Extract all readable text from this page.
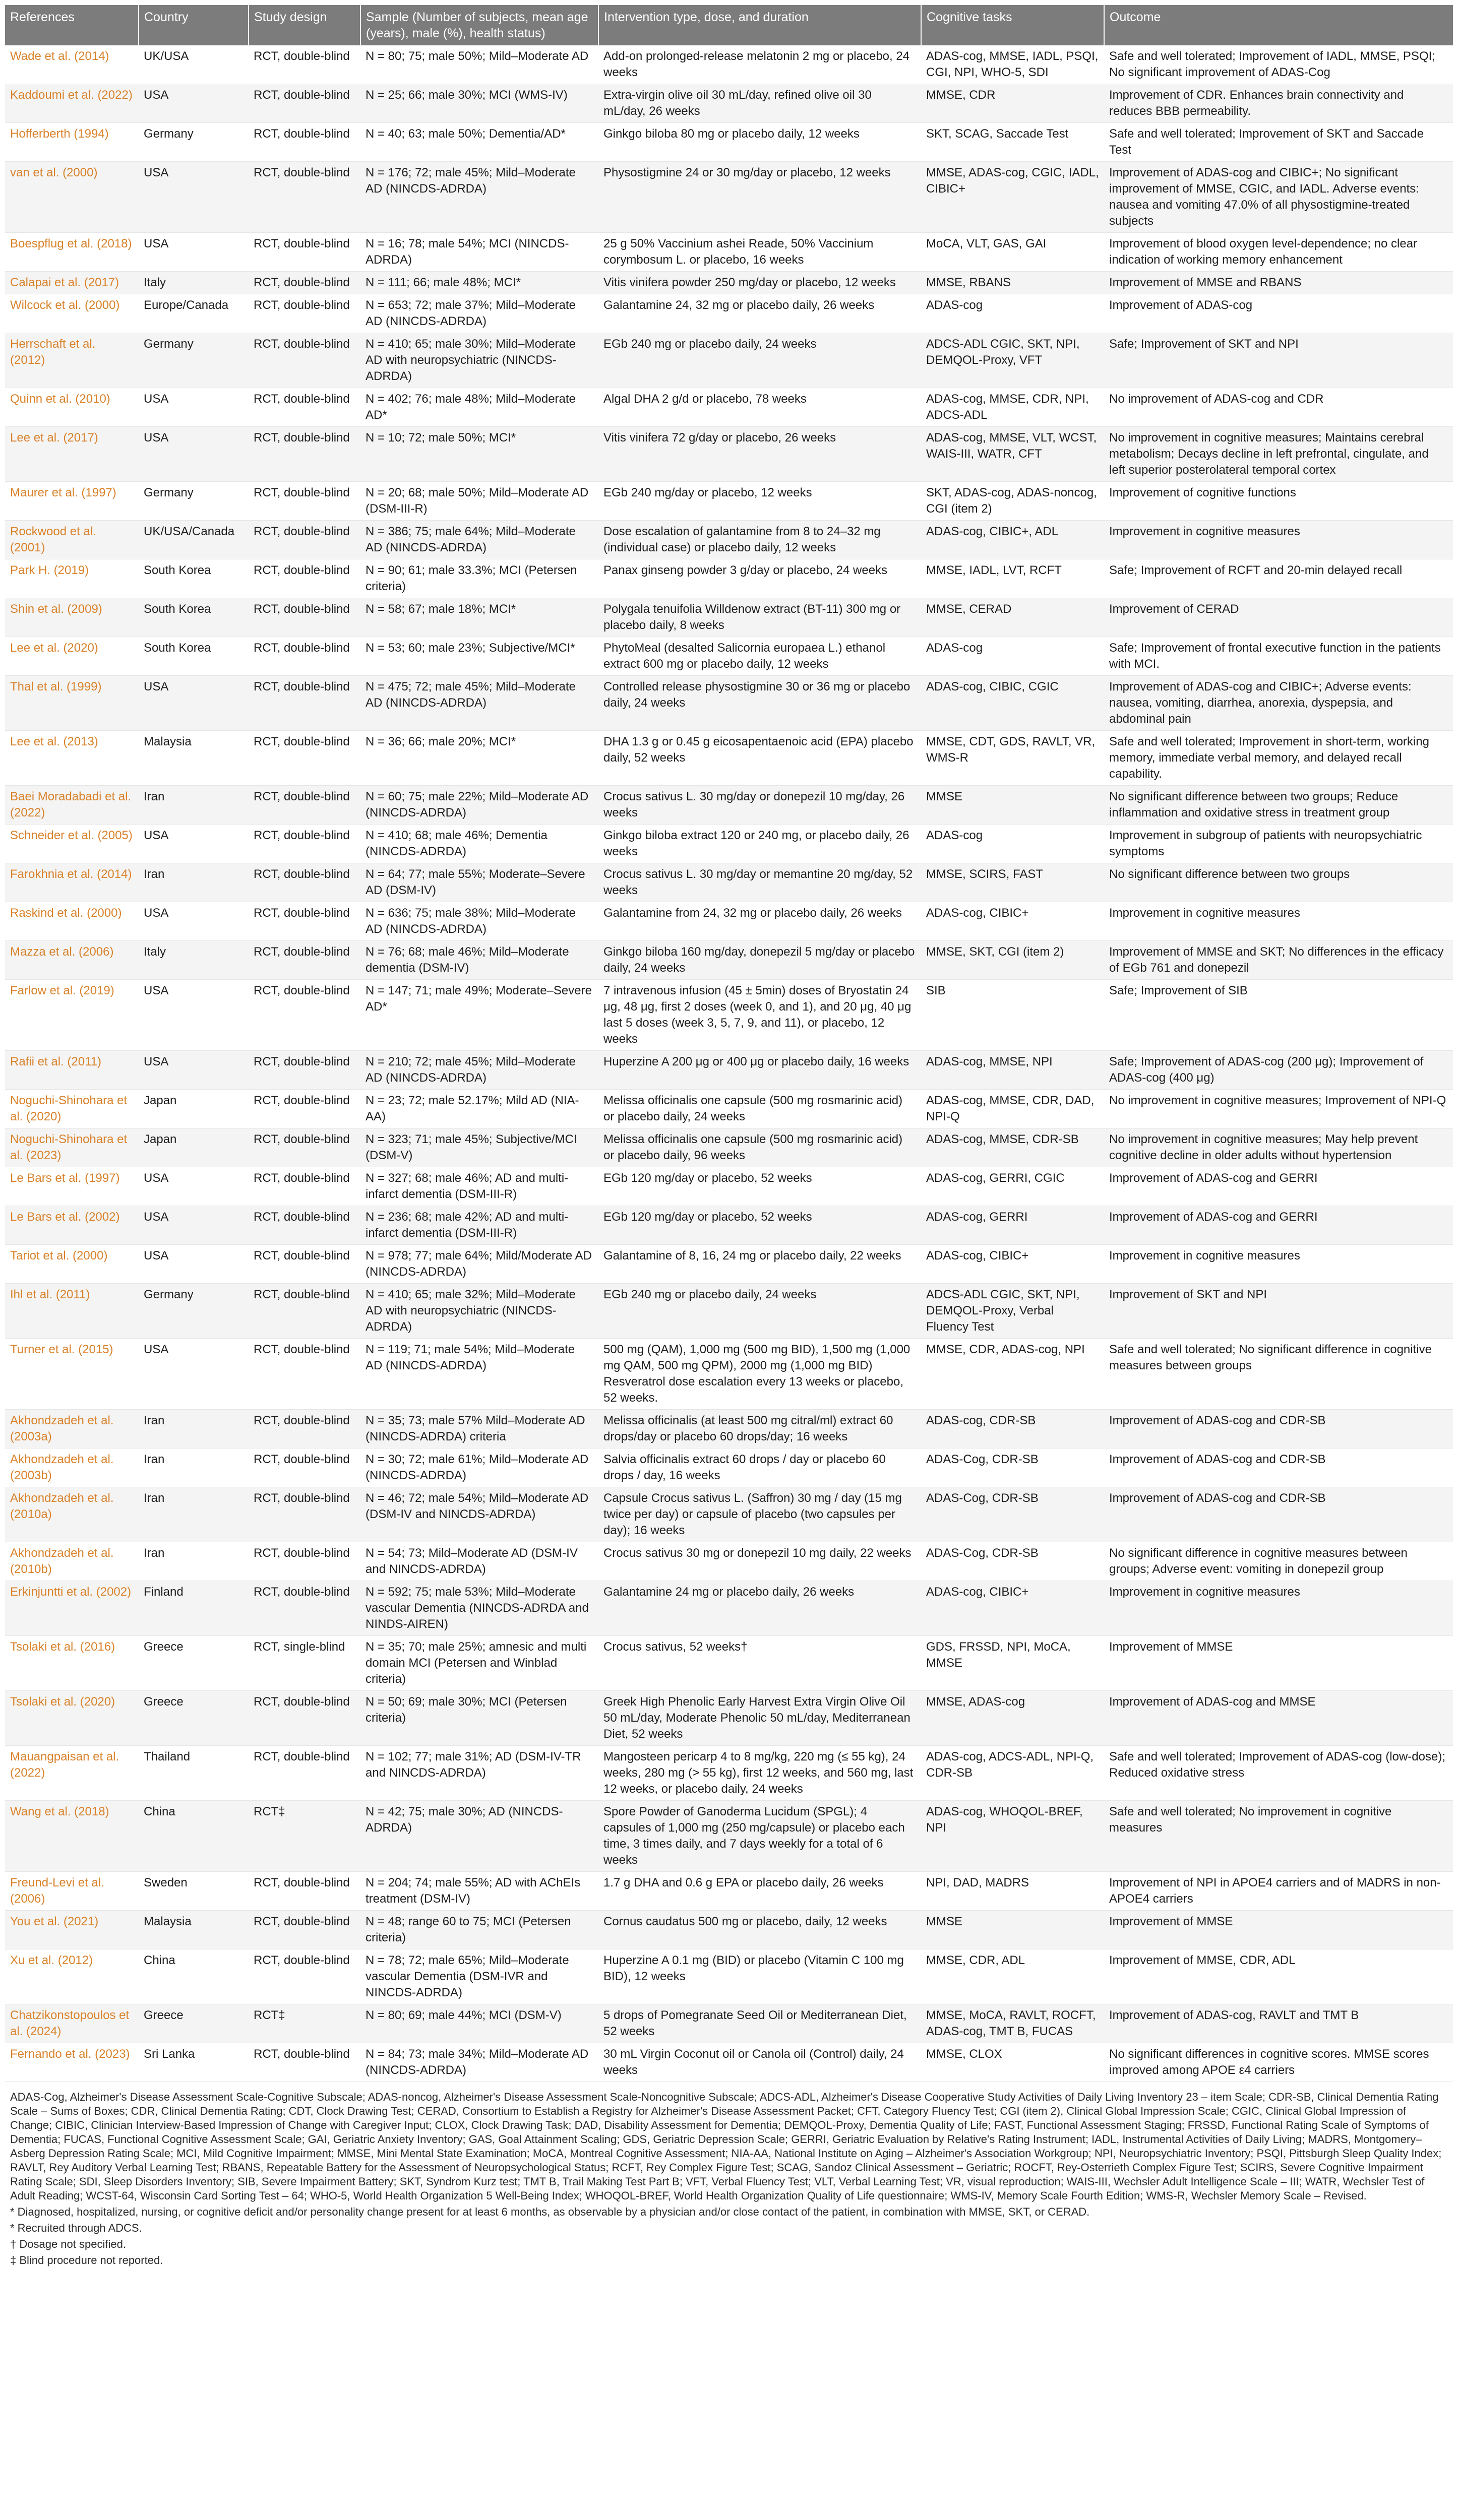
References	Country	Study design	Sample (Number of subjects, mean age (years), male (%), health status)	Intervention type, dose, and duration	Cognitive tasks	Outcome
Wade et al. (2014)	UK/USA	RCT, double-blind	N = 80; 75; male 50%; Mild–Moderate AD	Add-on prolonged-release melatonin 2 mg or placebo, 24 weeks	ADAS-cog, MMSE, IADL, PSQI, CGI, NPI, WHO-5, SDI	Safe and well tolerated; Improvement of IADL, MMSE, PSQI; No significant improvement of ADAS-Cog
Kaddoumi et al. (2022)	USA	RCT, double-blind	N = 25; 66; male 30%; MCI (WMS-IV)	Extra-virgin olive oil 30 mL/day, refined olive oil 30 mL/day, 26 weeks	MMSE, CDR	Improvement of CDR. Enhances brain connectivity and reduces BBB permeability.
Hofferberth (1994)	Germany	RCT, double-blind	N = 40; 63; male 50%; Dementia/AD*	Ginkgo biloba 80 mg or placebo daily, 12 weeks	SKT, SCAG, Saccade Test	Safe and well tolerated; Improvement of SKT and Saccade Test
van et al. (2000)	USA	RCT, double-blind	N = 176; 72; male 45%; Mild–Moderate AD (NINCDS-ADRDA)	Physostigmine 24 or 30 mg/day or placebo, 12 weeks	MMSE, ADAS-cog, CGIC, IADL, CIBIC+	Improvement of ADAS-cog and CIBIC+; No significant improvement of MMSE, CGIC, and IADL. Adverse events: nausea and vomiting 47.0% of all physostigmine-treated subjects
Boespflug et al. (2018)	USA	RCT, double-blind	N = 16; 78; male 54%; MCI (NINCDS-ADRDA)	25 g 50% Vaccinium ashei Reade, 50% Vaccinium corymbosum L. or placebo, 16 weeks	MoCA, VLT, GAS, GAI	Improvement of blood oxygen level-dependence; no clear indication of working memory enhancement
Calapai et al. (2017)	Italy	RCT, double-blind	N = 111; 66; male 48%; MCI*	Vitis vinifera powder 250 mg/day or placebo, 12 weeks	MMSE, RBANS	Improvement of MMSE and RBANS
Wilcock et al. (2000)	Europe/Canada	RCT, double-blind	N = 653; 72; male 37%; Mild–Moderate AD (NINCDS-ADRDA)	Galantamine 24, 32 mg or placebo daily, 26 weeks	ADAS-cog	Improvement of ADAS-cog
Herrschaft et al. (2012)	Germany	RCT, double-blind	N = 410; 65; male 30%; Mild–Moderate AD with neuropsychiatric (NINCDS-ADRDA)	EGb 240 mg or placebo daily, 24 weeks	ADCS-ADL CGIC, SKT, NPI, DEMQOL-Proxy, VFT	Safe; Improvement of SKT and NPI
Quinn et al. (2010)	USA	RCT, double-blind	N = 402; 76; male 48%; Mild–Moderate AD*	Algal DHA 2 g/d or placebo, 78 weeks	ADAS-cog, MMSE, CDR, NPI, ADCS-ADL	No improvement of ADAS-cog and CDR
Lee et al. (2017)	USA	RCT, double-blind	N = 10; 72; male 50%; MCI*	Vitis vinifera 72 g/day or placebo, 26 weeks	ADAS-cog, MMSE, VLT, WCST, WAIS-III, WATR, CFT	No improvement in cognitive measures; Maintains cerebral metabolism; Decays decline in left prefrontal, cingulate, and left superior posterolateral temporal cortex
Maurer et al. (1997)	Germany	RCT, double-blind	N = 20; 68; male 50%; Mild–Moderate AD (DSM-III-R)	EGb 240 mg/day or placebo, 12 weeks	SKT, ADAS-cog, ADAS-noncog, CGI (item 2)	Improvement of cognitive functions
Rockwood et al. (2001)	UK/USA/Canada	RCT, double-blind	N = 386; 75; male 64%; Mild–Moderate AD (NINCDS-ADRDA)	Dose escalation of galantamine from 8 to 24–32 mg (individual case) or placebo daily, 12 weeks	ADAS-cog, CIBIC+, ADL	Improvement in cognitive measures
Park H. (2019)	South Korea	RCT, double-blind	N = 90; 61; male 33.3%; MCI (Petersen criteria)	Panax ginseng powder 3 g/day or placebo, 24 weeks	MMSE, IADL, LVT, RCFT	Safe; Improvement of RCFT and 20-min delayed recall
Shin et al. (2009)	South Korea	RCT, double-blind	N = 58; 67; male 18%; MCI*	Polygala tenuifolia Willdenow extract (BT-11) 300 mg or placebo daily, 8 weeks	MMSE, CERAD	Improvement of CERAD
Lee et al. (2020)	South Korea	RCT, double-blind	N = 53; 60; male 23%; Subjective/MCI*	PhytoMeal (desalted Salicornia europaea L.) ethanol extract 600 mg or placebo daily, 12 weeks	ADAS-cog	Safe; Improvement of frontal executive function in the patients with MCI.
Thal et al. (1999)	USA	RCT, double-blind	N = 475; 72; male 45%; Mild–Moderate AD (NINCDS-ADRDA)	Controlled release physostigmine 30 or 36 mg or placebo daily, 24 weeks	ADAS-cog, CIBIC, CGIC	Improvement of ADAS-cog and CIBIC+; Adverse events: nausea, vomiting, diarrhea, anorexia, dyspepsia, and abdominal pain
Lee et al. (2013)	Malaysia	RCT, double-blind	N = 36; 66; male 20%; MCI*	DHA 1.3 g or 0.45 g eicosapentaenoic acid (EPA) placebo daily, 52 weeks	MMSE, CDT, GDS, RAVLT, VR, WMS-R	Safe and well tolerated; Improvement in short-term, working memory, immediate verbal memory, and delayed recall capability.
Baei Moradabadi et al. (2022)	Iran	RCT, double-blind	N = 60; 75; male 22%; Mild–Moderate AD (NINCDS-ADRDA)	Crocus sativus L. 30 mg/day or donepezil 10 mg/day, 26 weeks	MMSE	No significant difference between two groups; Reduce inflammation and oxidative stress in treatment group
Schneider et al. (2005)	USA	RCT, double-blind	N = 410; 68; male 46%; Dementia (NINCDS-ADRDA)	Ginkgo biloba extract 120 or 240 mg, or placebo daily, 26 weeks	ADAS-cog	Improvement in subgroup of patients with neuropsychiatric symptoms
Farokhnia et al. (2014)	Iran	RCT, double-blind	N = 64; 77; male 55%; Moderate–Severe AD (DSM-IV)	Crocus sativus L. 30 mg/day or memantine 20 mg/day, 52 weeks	MMSE, SCIRS, FAST	No significant difference between two groups
Raskind et al. (2000)	USA	RCT, double-blind	N = 636; 75; male 38%; Mild–Moderate AD (NINCDS-ADRDA)	Galantamine from 24, 32 mg or placebo daily, 26 weeks	ADAS-cog, CIBIC+	Improvement in cognitive measures
Mazza et al. (2006)	Italy	RCT, double-blind	N = 76; 68; male 46%; Mild–Moderate dementia (DSM-IV)	Ginkgo biloba 160 mg/day, donepezil 5 mg/day or placebo daily, 24 weeks	MMSE, SKT, CGI (item 2)	Improvement of MMSE and SKT; No differences in the efficacy of EGb 761 and donepezil
Farlow et al. (2019)	USA	RCT, double-blind	N = 147; 71; male 49%; Moderate–Severe AD*	7 intravenous infusion (45 ± 5min) doses of Bryostatin 24 μg, 48 μg, first 2 doses (week 0, and 1), and 20 μg, 40 μg last 5 doses (week 3, 5, 7, 9, and 11), or placebo, 12 weeks	SIB	Safe; Improvement of SIB
Rafii et al. (2011)	USA	RCT, double-blind	N = 210; 72; male 45%; Mild–Moderate AD (NINCDS-ADRDA)	Huperzine A 200 μg or 400 μg or placebo daily, 16 weeks	ADAS-cog, MMSE, NPI	Safe; Improvement of ADAS-cog (200 μg); Improvement of ADAS-cog (400 μg)
Noguchi-Shinohara et al. (2020)	Japan	RCT, double-blind	N = 23; 72; male 52.17%; Mild AD (NIA-AA)	Melissa officinalis one capsule (500 mg rosmarinic acid) or placebo daily, 24 weeks	ADAS-cog, MMSE, CDR, DAD, NPI-Q	No improvement in cognitive measures; Improvement of NPI-Q
Noguchi-Shinohara et al. (2023)	Japan	RCT, double-blind	N = 323; 71; male 45%; Subjective/MCI (DSM-V)	Melissa officinalis one capsule (500 mg rosmarinic acid) or placebo daily, 96 weeks	ADAS-cog, MMSE, CDR-SB	No improvement in cognitive measures; May help prevent cognitive decline in older adults without hypertension
Le Bars et al. (1997)	USA	RCT, double-blind	N = 327; 68; male 46%; AD and multi-infarct dementia (DSM-III-R)	EGb 120 mg/day or placebo, 52 weeks	ADAS-cog, GERRI, CGIC	Improvement of ADAS-cog and GERRI
Le Bars et al. (2002)	USA	RCT, double-blind	N = 236; 68; male 42%; AD and multi-infarct dementia (DSM-III-R)	EGb 120 mg/day or placebo, 52 weeks	ADAS-cog, GERRI	Improvement of ADAS-cog and GERRI
Tariot et al. (2000)	USA	RCT, double-blind	N = 978; 77; male 64%; Mild/Moderate AD (NINCDS-ADRDA)	Galantamine of 8, 16, 24 mg or placebo daily, 22 weeks	ADAS-cog, CIBIC+	Improvement in cognitive measures
Ihl et al. (2011)	Germany	RCT, double-blind	N = 410; 65; male 32%; Mild–Moderate AD with neuropsychiatric (NINCDS-ADRDA)	EGb 240 mg or placebo daily, 24 weeks	ADCS-ADL CGIC, SKT, NPI, DEMQOL-Proxy, Verbal Fluency Test	Improvement of SKT and NPI
Turner et al. (2015)	USA	RCT, double-blind	N = 119; 71; male 54%; Mild–Moderate AD (NINCDS-ADRDA)	500 mg (QAM), 1,000 mg (500 mg BID), 1,500 mg (1,000 mg QAM, 500 mg QPM), 2000 mg (1,000 mg BID) Resveratrol dose escalation every 13 weeks or placebo, 52 weeks.	MMSE, CDR, ADAS-cog, NPI	Safe and well tolerated; No significant difference in cognitive measures between groups
Akhondzadeh et al. (2003a)	Iran	RCT, double-blind	N = 35; 73; male 57% Mild–Moderate AD (NINCDS-ADRDA) criteria	Melissa officinalis (at least 500 mg citral/ml) extract 60 drops/day or placebo 60 drops/day; 16 weeks	ADAS-cog, CDR-SB	Improvement of ADAS-cog and CDR-SB
Akhondzadeh et al. (2003b)	Iran	RCT, double-blind	N = 30; 72; male 61%; Mild–Moderate AD (NINCDS-ADRDA)	Salvia officinalis extract 60 drops / day or placebo 60 drops / day, 16 weeks	ADAS-Cog, CDR-SB	Improvement of ADAS-cog and CDR-SB
Akhondzadeh et al. (2010a)	Iran	RCT, double-blind	N = 46; 72; male 54%; Mild–Moderate AD (DSM-IV and NINCDS-ADRDA)	Capsule Crocus sativus L. (Saffron) 30 mg / day (15 mg twice per day) or capsule of placebo (two capsules per day); 16 weeks	ADAS-Cog, CDR-SB	Improvement of ADAS-cog and CDR-SB
Akhondzadeh et al. (2010b)	Iran	RCT, double-blind	N = 54; 73; Mild–Moderate AD (DSM-IV and NINCDS-ADRDA)	Crocus sativus 30 mg or donepezil 10 mg daily, 22 weeks	ADAS-Cog, CDR-SB	No significant difference in cognitive measures between groups; Adverse event: vomiting in donepezil group
Erkinjuntti et al. (2002)	Finland	RCT, double-blind	N = 592; 75; male 53%; Mild–Moderate vascular Dementia (NINCDS-ADRDA and NINDS-AIREN)	Galantamine 24 mg or placebo daily, 26 weeks	ADAS-cog, CIBIC+	Improvement in cognitive measures
Tsolaki et al. (2016)	Greece	RCT, single-blind	N = 35; 70; male 25%; amnesic and multi domain MCI (Petersen and Winblad criteria)	Crocus sativus, 52 weeks†	GDS, FRSSD, NPI, MoCA, MMSE	Improvement of MMSE
Tsolaki et al. (2020)	Greece	RCT, double-blind	N = 50; 69; male 30%; MCI (Petersen criteria)	Greek High Phenolic Early Harvest Extra Virgin Olive Oil 50 mL/day, Moderate Phenolic 50 mL/day, Mediterranean Diet, 52 weeks	MMSE, ADAS-cog	Improvement of ADAS-cog and MMSE
Mauangpaisan et al. (2022)	Thailand	RCT, double-blind	N = 102; 77; male 31%; AD (DSM-IV-TR and NINCDS-ADRDA)	Mangosteen pericarp 4 to 8 mg/kg, 220 mg (≤ 55 kg), 24 weeks, 280 mg (> 55 kg), first 12 weeks, and 560 mg, last 12 weeks, or placebo daily, 24 weeks	ADAS-cog, ADCS-ADL, NPI-Q, CDR-SB	Safe and well tolerated; Improvement of ADAS-cog (low-dose); Reduced oxidative stress
Wang et al. (2018)	China	RCT‡	N = 42; 75; male 30%; AD (NINCDS-ADRDA)	Spore Powder of Ganoderma Lucidum (SPGL); 4 capsules of 1,000 mg (250 mg/capsule) or placebo each time, 3 times daily, and 7 days weekly for a total of 6 weeks	ADAS-cog, WHOQOL-BREF, NPI	Safe and well tolerated; No improvement in cognitive measures
Freund-Levi et al. (2006)	Sweden	RCT, double-blind	N = 204; 74; male 55%; AD with AChEIs treatment (DSM-IV)	1.7 g DHA and 0.6 g EPA or placebo daily, 26 weeks	NPI, DAD, MADRS	Improvement of NPI in APOE4 carriers and of MADRS in non-APOE4 carriers
You et al. (2021)	Malaysia	RCT, double-blind	N = 48; range 60 to 75; MCI (Petersen criteria)	Cornus caudatus 500 mg or placebo, daily, 12 weeks	MMSE	Improvement of MMSE
Xu et al. (2012)	China	RCT, double-blind	N = 78; 72; male 65%; Mild–Moderate vascular Dementia (DSM-IVR and NINCDS-ADRDA)	Huperzine A 0.1 mg (BID) or placebo (Vitamin C 100 mg BID), 12 weeks	MMSE, CDR, ADL	Improvement of MMSE, CDR, ADL
Chatzikonstopoulos et al. (2024)	Greece	RCT‡	N = 80; 69; male 44%; MCI (DSM-V)	5 drops of Pomegranate Seed Oil or Mediterranean Diet, 52 weeks	MMSE, MoCA, RAVLT, ROCFT, ADAS-cog, TMT B, FUCAS	Improvement of ADAS-cog, RAVLT and TMT B
Fernando et al. (2023)	Sri Lanka	RCT, double-blind	N = 84; 73; male 34%; Mild–Moderate AD (NINCDS-ADRDA)	30 mL Virgin Coconut oil or Canola oil (Control) daily, 24 weeks	MMSE, CLOX	No significant differences in cognitive scores. MMSE scores improved among APOE ε4 carriers

ADAS-Cog, Alzheimer's Disease Assessment Scale-Cognitive Subscale; ADAS-noncog, Alzheimer's Disease Assessment Scale-Noncognitive Subscale; ADCS-ADL, Alzheimer's Disease Cooperative Study Activities of Daily Living Inventory 23 – item Scale; CDR-SB, Clinical Dementia Rating Scale – Sums of Boxes; CDR, Clinical Dementia Rating; CDT, Clock Drawing Test; CERAD, Consortium to Establish a Registry for Alzheimer's Disease Assessment Packet; CFT, Category Fluency Test; CGI (item 2), Clinical Global Impression Scale; CGIC, Clinical Global Impression of Change; CIBIC, Clinician Interview-Based Impression of Change with Caregiver Input; CLOX, Clock Drawing Task; DAD, Disability Assessment for Dementia; DEMQOL-Proxy, Dementia Quality of Life; FAST, Functional Assessment Staging; FRSSD, Functional Rating Scale of Symptoms of Dementia; FUCAS, Functional Cognitive Assessment Scale; GAI, Geriatric Anxiety Inventory; GAS, Goal Attainment Scaling; GDS, Geriatric Depression Scale; GERRI, Geriatric Evaluation by Relative's Rating Instrument; IADL, Instrumental Activities of Daily Living; MADRS, Montgomery–Asberg Depression Rating Scale; MCI, Mild Cognitive Impairment; MMSE, Mini Mental State Examination; MoCA, Montreal Cognitive Assessment; NIA-AA, National Institute on Aging – Alzheimer's Association Workgroup; NPI, Neuropsychiatric Inventory; PSQI, Pittsburgh Sleep Quality Index; RAVLT, Rey Auditory Verbal Learning Test; RBANS, Repeatable Battery for the Assessment of Neuropsychological Status; RCFT, Rey Complex Figure Test; SCAG, Sandoz Clinical Assessment – Geriatric; ROCFT, Rey-Osterrieth Complex Figure Test; SCIRS, Severe Cognitive Impairment Rating Scale; SDI, Sleep Disorders Inventory; SIB, Severe Impairment Battery; SKT, Syndrom Kurz test; TMT B, Trail Making Test Part B; VFT, Verbal Fluency Test; VLT, Verbal Learning Test; VR, visual reproduction; WAIS-III, Wechsler Adult Intelligence Scale – III; WATR, Wechsler Test of Adult Reading; WCST-64, Wisconsin Card Sorting Test – 64; WHO-5, World Health Organization 5 Well-Being Index; WHOQOL-BREF, World Health Organization Quality of Life questionnaire; WMS-IV, Memory Scale Fourth Edition; WMS-R, Wechsler Memory Scale – Revised.

* Diagnosed, hospitalized, nursing, or cognitive deficit and/or personality change present for at least 6 months, as observable by a physician and/or close contact of the patient, in combination with MMSE, SKT, or CERAD.

* Recruited through ADCS.

† Dosage not specified.

‡ Blind procedure not reported.
